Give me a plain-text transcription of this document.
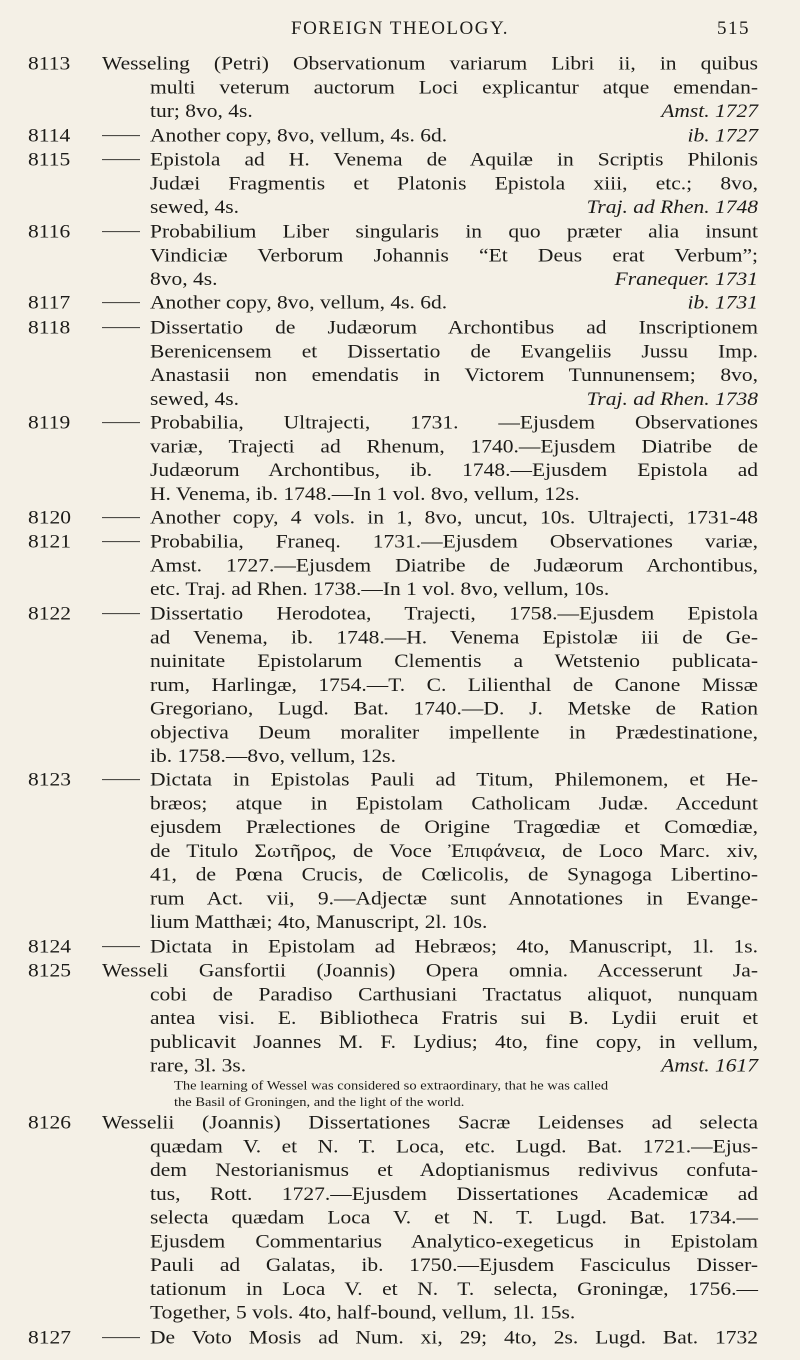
FOREIGN THEOLOGY.	515
8113	Wesseling (Petri) Observationum variarum Libri ii, in quibus
multi veterum auctorum Loci explicantur atque emendan-
tur; 8vo, 4s.	Amst. 1727
8114	Another copy, 8vo, vellum, 4s. 6d.	ib. 1727
8115	Epistola ad H. Venema de Aquilæ in Scriptis Philonis
Judæi Fragmentis et Platonis Epistola xiii, etc.; 8vo,
sewed, 4s.	Traj. ad Rhen. 1748
8116	Probabilium Liber singularis in quo præter alia insunt
Vindiciæ Verborum Johannis “Et Deus erat Verbum”;
8vo, 4s.	Franequer. 1731
8117	Another copy, 8vo, vellum, 4s. 6d.	ib. 1731
8118	Dissertatio de Judæorum Archontibus ad Inscriptionem
Berenicensem et Dissertatio de Evangeliis Jussu Imp.
Anastasii non emendatis in Victorem Tunnunensem; 8vo,
sewed, 4s.	Traj. ad Rhen. 1738
8119	Probabilia, Ultrajecti, 1731. —Ejusdem Observationes
variæ, Trajecti ad Rhenum, 1740.—Ejusdem Diatribe de
Judæorum Archontibus, ib. 1748.—Ejusdem Epistola ad
H. Venema, ib. 1748.—In 1 vol. 8vo, vellum, 12s.
8120	Another copy, 4 vols. in 1, 8vo, uncut, 10s. Ultrajecti, 1731-48
8121	Probabilia, Franeq. 1731.—Ejusdem Observationes variæ,
Amst. 1727.—Ejusdem Diatribe de Judæorum Archontibus,
etc. Traj. ad Rhen. 1738.—In 1 vol. 8vo, vellum, 10s.
8122	Dissertatio Herodotea, Trajecti, 1758.—Ejusdem Epistola
ad Venema, ib. 1748.—H. Venema Epistolæ iii de Ge-
nuinitate Epistolarum Clementis a Wetstenio publicata-
rum, Harlingæ, 1754.—T. C. Lilienthal de Canone Missæ
Gregoriano, Lugd. Bat. 1740.—D. J. Metske de Ration
objectiva Deum moraliter impellente in Prædestinatione,
ib. 1758.—8vo, vellum, 12s.
8123	Dictata in Epistolas Pauli ad Titum, Philemonem, et He-
bræos; atque in Epistolam Catholicam Judæ. Accedunt
ejusdem Prælectiones de Origine Tragœdiæ et Comœdiæ,
de Titulo Σωτῆρος, de Voce Ἐπιφάνεια, de Loco Marc. xiv,
41, de Pœna Crucis, de Cœlicolis, de Synagoga Libertino-
rum Act. vii, 9.—Adjectæ sunt Annotationes in Evange-
lium Matthæi; 4to, Manuscript, 2l. 10s.
8124	Dictata in Epistolam ad Hebræos; 4to, Manuscript, 1l. 1s.
8125	Wesseli Gansfortii (Joannis) Opera omnia. Accesserunt Ja-
cobi de Paradiso Carthusiani Tractatus aliquot, nunquam
antea visi. E. Bibliotheca Fratris sui B. Lydii eruit et
publicavit Joannes M. F. Lydius; 4to, fine copy, in vellum,
rare, 3l. 3s.	Amst. 1617
The learning of Wessel was considered so extraordinary, that he was called
the Basil of Groningen, and the light of the world.
8126	Wesselii (Joannis) Dissertationes Sacræ Leidenses ad selecta
quædam V. et N. T. Loca, etc. Lugd. Bat. 1721.—Ejus-
dem Nestorianismus et Adoptianismus redivivus confuta-
tus, Rott. 1727.—Ejusdem Dissertationes Academicæ ad
selecta quædam Loca V. et N. T. Lugd. Bat. 1734.—
Ejusdem Commentarius Analytico-exegeticus in Epistolam
Pauli ad Galatas, ib. 1750.—Ejusdem Fasciculus Disser-
tationum in Loca V. et N. T. selecta, Groningæ, 1756.—
Together, 5 vols. 4to, half-bound, vellum, 1l. 15s.
8127	De Voto Mosis ad Num. xi, 29; 4to, 2s. Lugd. Bat. 1732
